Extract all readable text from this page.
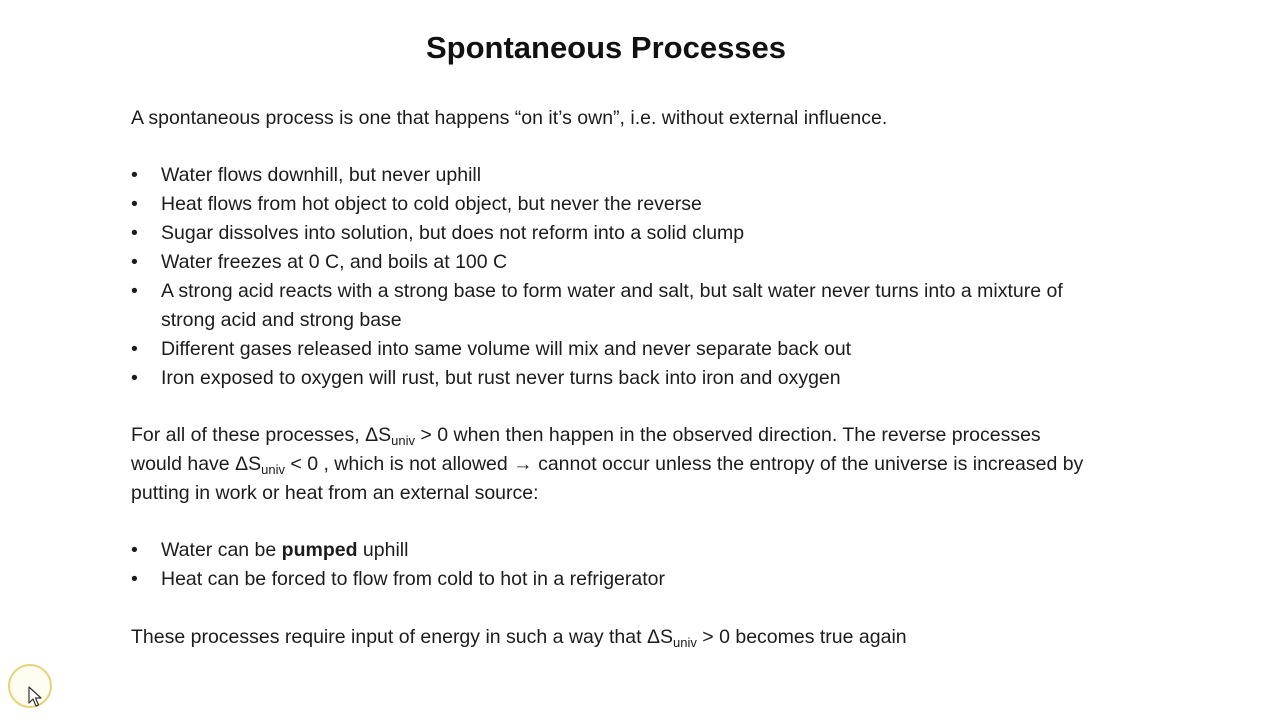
Spontaneous Processes

A spontaneous process is one that happens “on it’s own”, i.e. without external influence.

• Water flows downhill, but never uphill
• Heat flows from hot object to cold object, but never the reverse
• Sugar dissolves into solution, but does not reform into a solid clump
• Water freezes at 0 C, and boils at 100 C
• A strong acid reacts with a strong base to form water and salt, but salt water never turns into a mixture of strong acid and strong base
• Different gases released into same volume will mix and never separate back out
• Iron exposed to oxygen will rust, but rust never turns back into iron and oxygen

For all of these processes, $\Delta S_{univ} > 0$ when then happen in the observed direction. The reverse processes would have $\Delta S_{univ} < 0$ , which is not allowed → cannot occur unless the entropy of the universe is increased by putting in work or heat from an external source:

• Water can be pumped uphill
• Heat can be forced to flow from cold to hot in a refrigerator

These processes require input of energy in such a way that $\Delta S_{univ} > 0$ becomes true again
